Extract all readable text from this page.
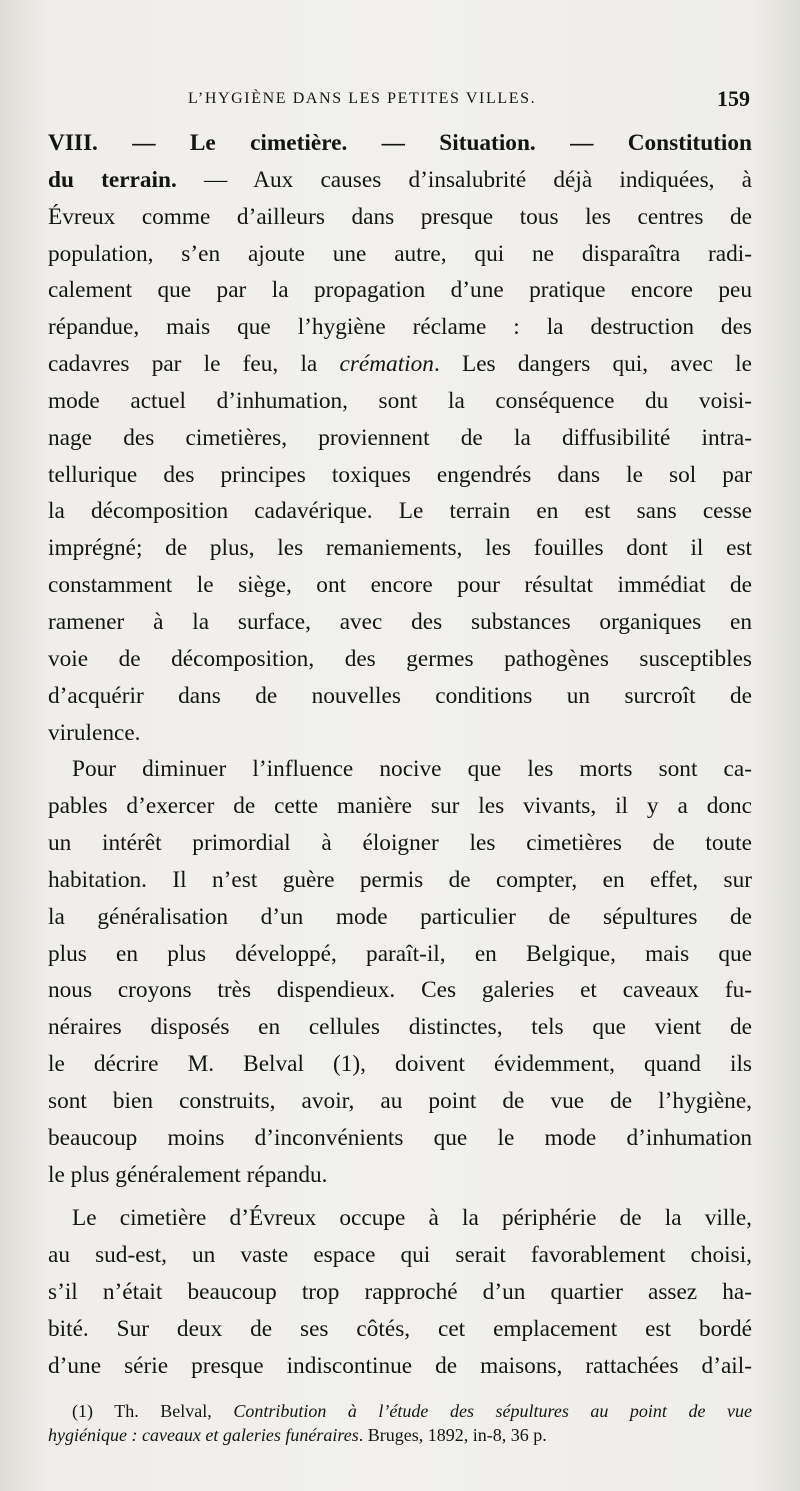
L’HYGIÈNE DANS LES PETITES VILLES.	159

VIII. — Le cimetière. — Situation. — Constitution
du terrain. — Aux causes d’insalubrité déjà indiquées, à
Évreux comme d’ailleurs dans presque tous les centres de
population, s’en ajoute une autre, qui ne disparaîtra radi-
calement que par la propagation d’une pratique encore peu
répandue, mais que l’hygiène réclame : la destruction des
cadavres par le feu, la crémation. Les dangers qui, avec le
mode actuel d’inhumation, sont la conséquence du voisi-
nage des cimetières, proviennent de la diffusibilité intra-
tellurique des principes toxiques engendrés dans le sol par
la décomposition cadavérique. Le terrain en est sans cesse
imprégné; de plus, les remaniements, les fouilles dont il est
constamment le siège, ont encore pour résultat immédiat de
ramener à la surface, avec des substances organiques en
voie de décomposition, des germes pathogènes susceptibles
d’acquérir dans de nouvelles conditions un surcroît de
virulence.

Pour diminuer l’influence nocive que les morts sont ca-
pables d’exercer de cette manière sur les vivants, il y a donc
un intérêt primordial à éloigner les cimetières de toute
habitation. Il n’est guère permis de compter, en effet, sur
la généralisation d’un mode particulier de sépultures de
plus en plus développé, paraît-il, en Belgique, mais que
nous croyons très dispendieux. Ces galeries et caveaux fu-
néraires disposés en cellules distinctes, tels que vient de
le décrire M. Belval (1), doivent évidemment, quand ils
sont bien construits, avoir, au point de vue de l’hygiène,
beaucoup moins d’inconvénients que le mode d’inhumation
le plus généralement répandu.

Le cimetière d’Évreux occupe à la périphérie de la ville,
au sud-est, un vaste espace qui serait favorablement choisi,
s’il n’était beaucoup trop rapproché d’un quartier assez ha-
bité. Sur deux de ses côtés, cet emplacement est bordé
d’une série presque indiscontinue de maisons, rattachées d’ail-

(1) Th. Belval, Contribution à l’étude des sépultures au point de vue
hygiénique : caveaux et galeries funéraires. Bruges, 1892, in-8, 36 p.
